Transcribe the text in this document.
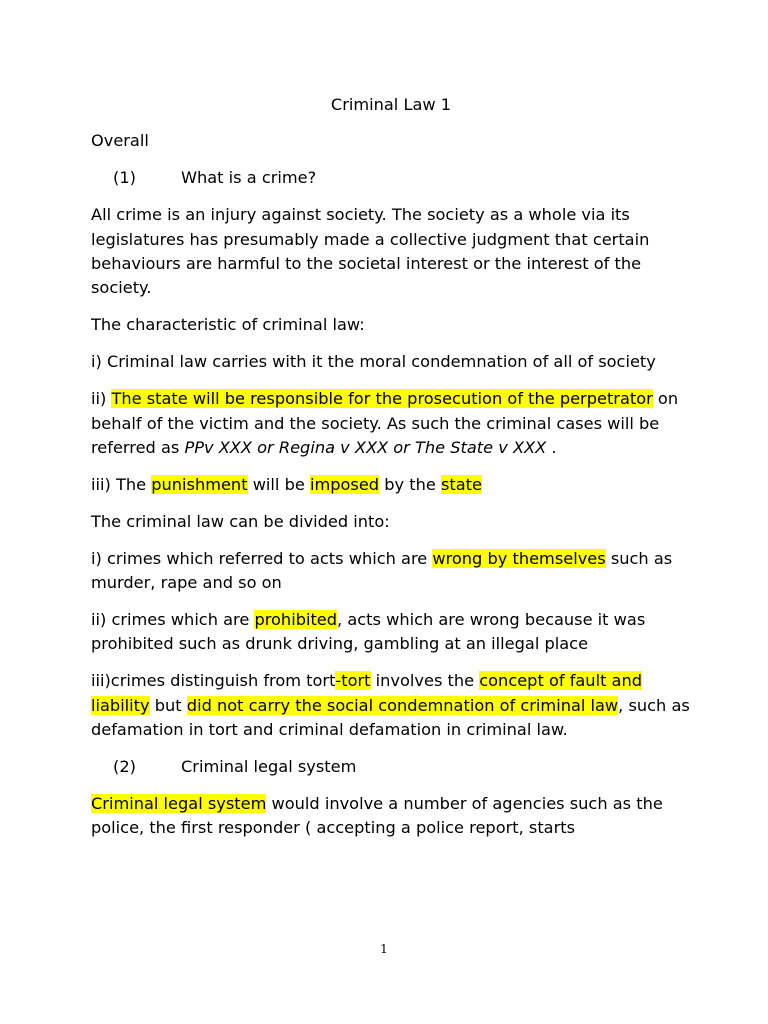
Criminal Law 1

Overall

(1)	What is a crime?

All crime is an injury against society. The society as a whole via its legislatures has presumably made a collective judgment that certain behaviours are harmful to the societal interest or the interest of the society.

The characteristic of criminal law:

i) Criminal law carries with it the moral condemnation of all of society

ii) The state will be responsible for the prosecution of the perpetrator on behalf of the victim and the society. As such the criminal cases will be referred as PPv XXX or Regina v XXX or The State v XXX .

iii) The punishment will be imposed by the state

The criminal law can be divided into:

i) crimes which referred to acts which are wrong by themselves such as murder, rape and so on

ii) crimes which are prohibited, acts which are wrong because it was prohibited such as drunk driving, gambling at an illegal place

iii)crimes distinguish from tort-tort involves the concept of fault and liability but did not carry the social condemnation of criminal law, such as defamation in tort and criminal defamation in criminal law.

(2)	Criminal legal system

Criminal legal system would involve a number of agencies such as the police, the first responder ( accepting a police report, starts

1
